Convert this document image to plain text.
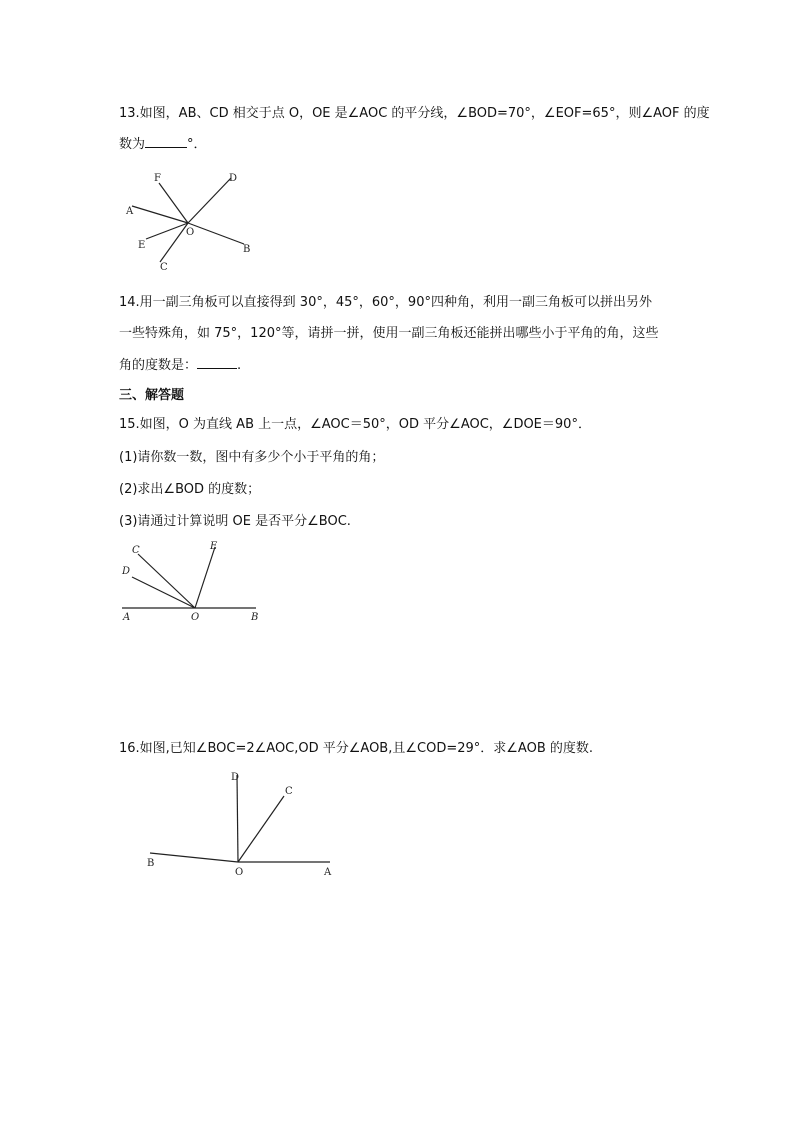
13.如图，AB、CD 相交于点 O，OE 是∠AOC 的平分线，∠BOD=70°，∠EOF=65°，则∠AOF 的度
数为	°．
F	D
A
O
E	B
C
14.用一副三角板可以直接得到 30°，45°，60°，90°四种角，利用一副三角板可以拼出另外
一些特殊角，如 75°，120°等，请拼一拼，使用一副三角板还能拼出哪些小于平角的角，这些
角的度数是：	.
三、解答题
15.如图，O 为直线 AB 上一点，∠AOC＝50°，OD 平分∠AOC，∠DOE＝90°．
(1)请你数一数，图中有多少个小于平角的角；
(2)求出∠BOD 的度数；
(3)请通过计算说明 OE 是否平分∠BOC.
C	E
D
A	O	B
16.如图,已知∠BOC=2∠AOC,OD 平分∠AOB,且∠COD=29°．求∠AOB 的度数.
D
C
B
O	A
